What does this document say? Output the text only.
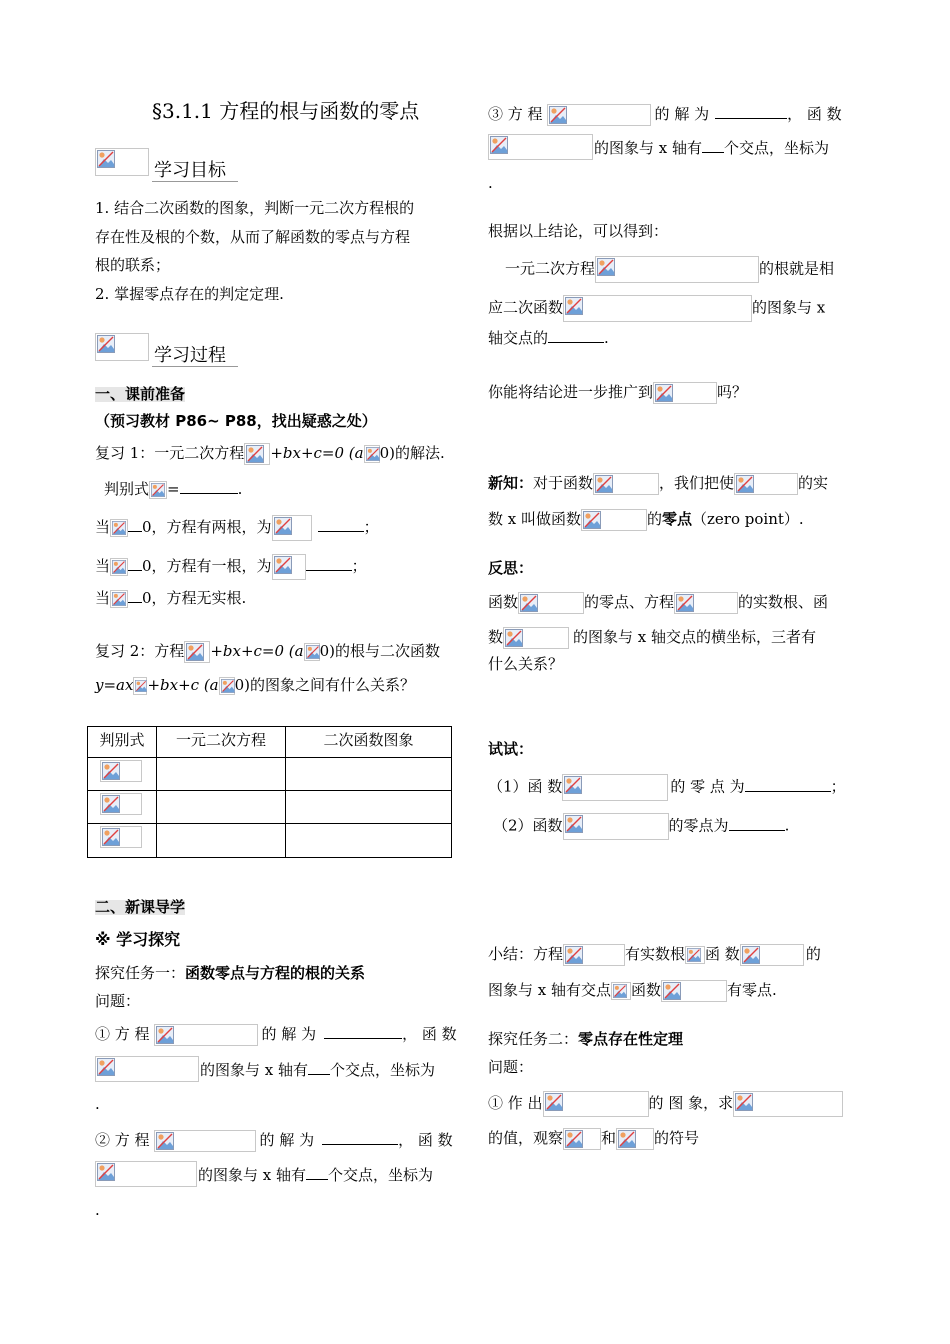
§3.1.1 方程的根与函数的零点
学习目标
1. 结合二次函数的图象，判断一元二次方程根的
存在性及根的个数，从而了解函数的零点与方程
根的联系；
2. 掌握零点存在的判定定理.
学习过程
一、课前准备
（预习教材 P86~ P88，找出疑惑之处）
复习 1：一元二次方程 +bx+c=0 (a 0)的解法.
判别式 =	.
当 0，方程有两根，为	；
当 0，方程有一根，为	；
当 0，方程无实根.
复习 2：方程 +bx+c=0 (a 0)的根与二次函数
y=ax +bx+c (a 0)的图象之间有什么关系？
判别式	一元二次方程	二次函数图象

二、新课导学
※ 学习探究
探究任务一：函数零点与方程的根的关系
问题：
① 方 程	的 解 为	， 函 数
的图象与 x 轴有 个交点，坐标为
.
② 方 程	的 解 为	， 函 数
的图象与 x 轴有 个交点，坐标为
.
③ 方 程	的 解 为	， 函 数
的图象与 x 轴有 个交点，坐标为
.
根据以上结论，可以得到：
一元二次方程	的根就是相
应二次函数	的图象与 x
轴交点的	.
你能将结论进一步推广到	吗？
新知：对于函数	，我们把使	的实
数 x 叫做函数	的零点（zero point）.
反思：
函数	的零点、方程	的实数根、函
数	的图象与 x 轴交点的横坐标，三者有
什么关系？
试试：
（1）函 数	的 零 点 为	；
（2）函数	的零点为	.
小结：方程	有实数根 函 数	的
图象与 x 轴有交点 函数	有零点.
探究任务二：零点存在性定理
问题：
① 作 出	的 图 象，求
的值，观察	和	的符号
